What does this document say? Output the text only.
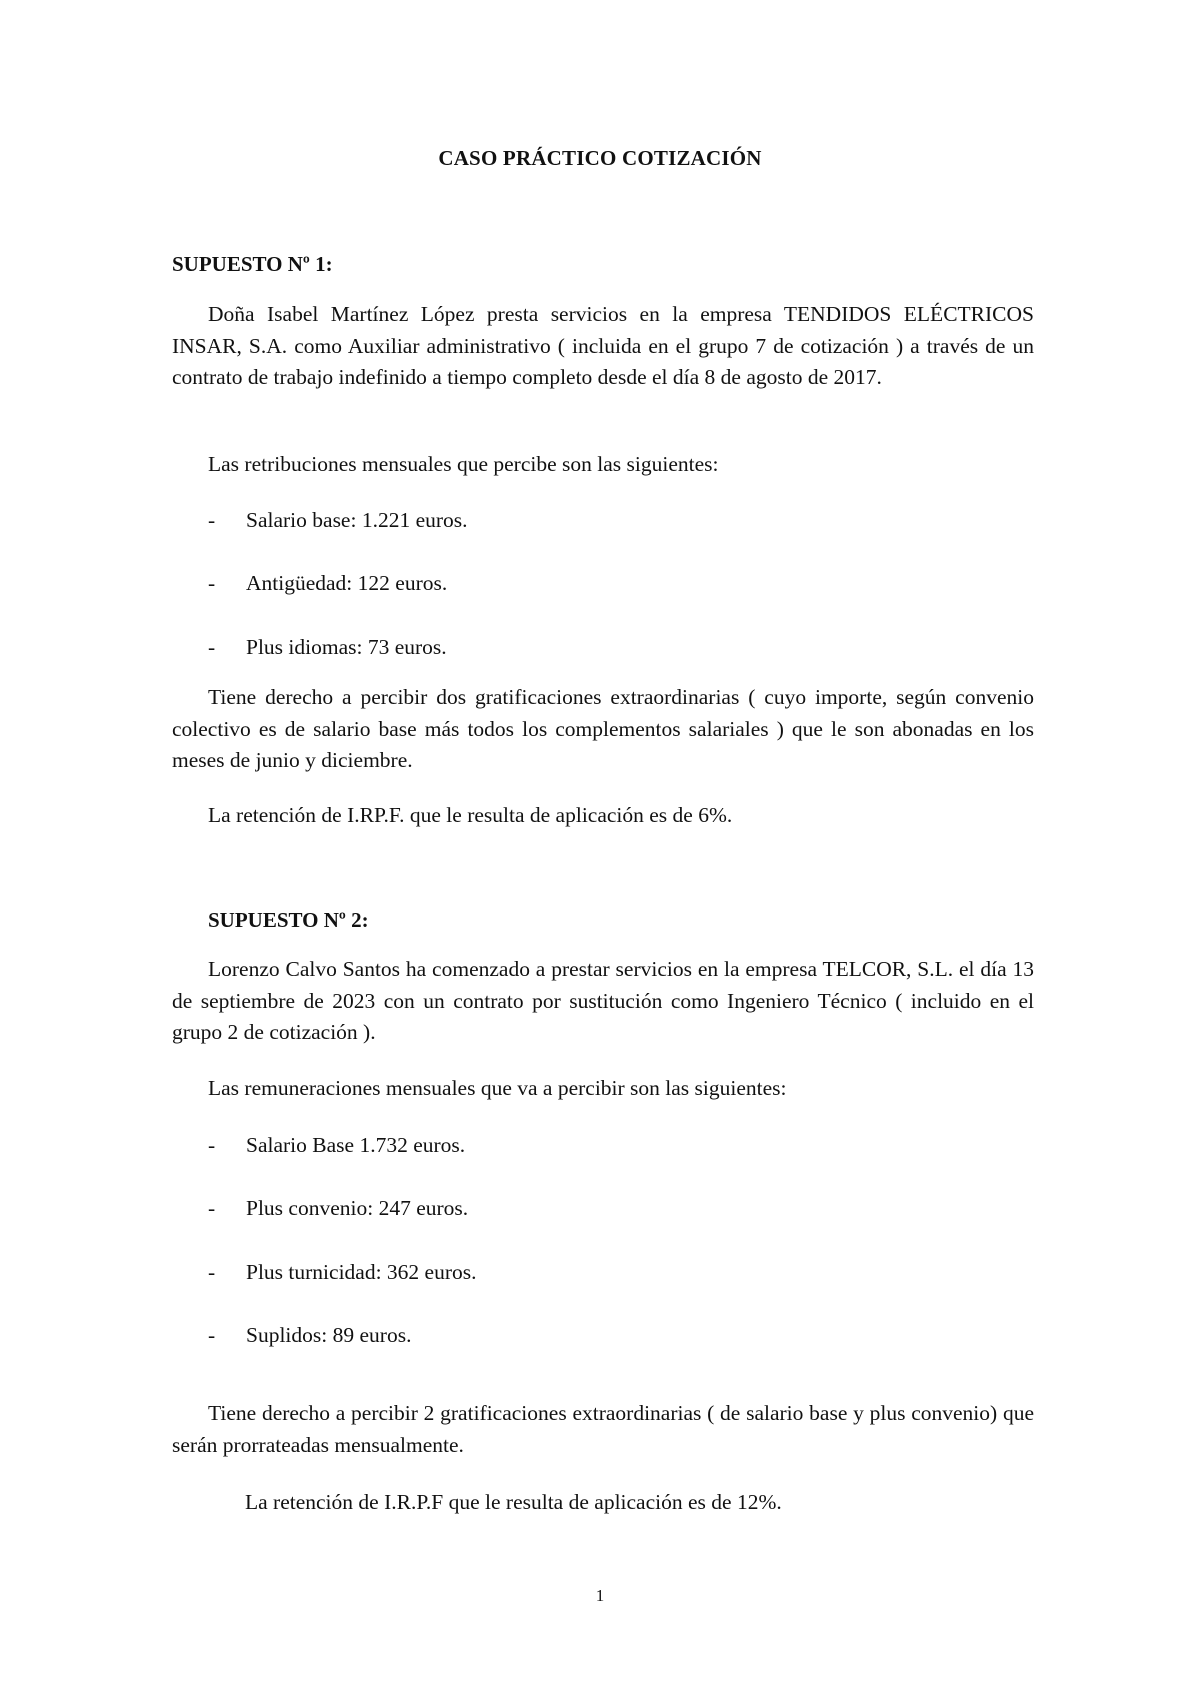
CASO PRÁCTICO COTIZACIÓN
SUPUESTO Nº 1:

Doña Isabel Martínez López presta servicios en la empresa TENDIDOS ELÉCTRICOS INSAR, S.A. como Auxiliar administrativo ( incluida en el grupo 7 de cotización ) a través de un contrato de trabajo indefinido a tiempo completo desde el día 8 de agosto de 2017.

Las retribuciones mensuales que percibe son las siguientes:

- Salario base: 1.221 euros.
- Antigüedad: 122 euros.
- Plus idiomas: 73 euros.

Tiene derecho a percibir dos gratificaciones extraordinarias ( cuyo importe, según convenio colectivo es de salario base más todos los complementos salariales ) que le son abonadas en los meses de junio y diciembre.

La retención de I.RP.F. que le resulta de aplicación es de 6%.

SUPUESTO Nº 2:

Lorenzo Calvo Santos ha comenzado a prestar servicios en la empresa TELCOR, S.L. el día 13 de septiembre de 2023 con un contrato por sustitución como Ingeniero Técnico ( incluido en el grupo 2 de cotización ).

Las remuneraciones mensuales que va a percibir son las siguientes:

- Salario Base 1.732 euros.
- Plus convenio: 247 euros.
- Plus turnicidad: 362 euros.
- Suplidos: 89 euros.

Tiene derecho a percibir 2 gratificaciones extraordinarias ( de salario base y plus convenio) que serán prorrateadas mensualmente.

La retención de I.R.P.F que le resulta de aplicación es de 12%.
1
